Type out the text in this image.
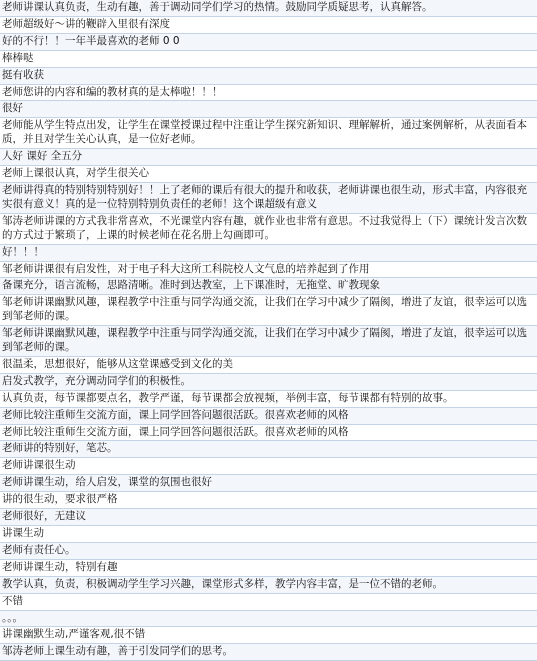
老师讲课认真负责，生动有趣，善于调动同学们学习的热情。鼓励同学质疑思考，认真解答。
老师超级好～讲的鞭辟入里很有深度
好的不行！！一年半最喜欢的老师 0 0
棒棒哒
挺有收获
老师您讲的内容和编的教材真的是太棒啦！！！
很好
老师能从学生特点出发，让学生在课堂授课过程中注重让学生探究新知识、理解解析，通过案例解析，从表面看本质，并且对学生关心认真，是一位好老师。
人好 课好 全五分
老师上课很认真，对学生很关心
老师讲得真的特别特别特别好！！上了老师的课后有很大的提升和收获，老师讲课也很生动，形式丰富，内容很充实很有意义！真的是一位特别特别负责任的老师！这个课超级有意义
邹涛老师讲课的方式我非常喜欢，不光课堂内容有趣，就作业也非常有意思。不过我觉得上（下）课统计发言次数的方式过于繁琐了，上课的时候老师在花名册上勾画即可。
好！！！
邹老师讲课很有启发性，对于电子科大这所工科院校人文气息的培养起到了作用
备课充分，语言流畅，思路清晰。准时到达教室，上下课准时，无拖堂、旷教现象
邹老师讲课幽默风趣，课程教学中注重与同学沟通交流，让我们在学习中减少了隔阂，增进了友谊，很幸运可以选到邹老师的课。
邹老师讲课幽默风趣，课程教学中注重与同学沟通交流，让我们在学习中减少了隔阂，增进了友谊，很幸运可以选到邹老师的课。
很温柔，思想很好，能够从这堂课感受到文化的美
启发式教学，充分调动同学们的积极性。
认真负责，每节课都要点名，教学严谨，每节课都会放视频，举例丰富，每节课都有特别的故事。
老师比较注重师生交流方面，课上同学回答问题很活跃。很喜欢老师的风格
老师比较注重师生交流方面，课上同学回答问题很活跃。很喜欢老师的风格
老师讲的特别好，笔芯。
老师讲课很生动
老师讲课生动，给人启发，课堂的氛围也很好
讲的很生动，要求很严格
老师很好，无建议
讲课生动
老师有责任心。
老师讲课生动，特别有趣
教学认真，负责，积极调动学生学习兴趣，课堂形式多样，教学内容丰富，是一位不错的老师。
不错
。。。
讲课幽默生动,严谨客观,很不错
邹涛老师上课生动有趣，善于引发同学们的思考。
